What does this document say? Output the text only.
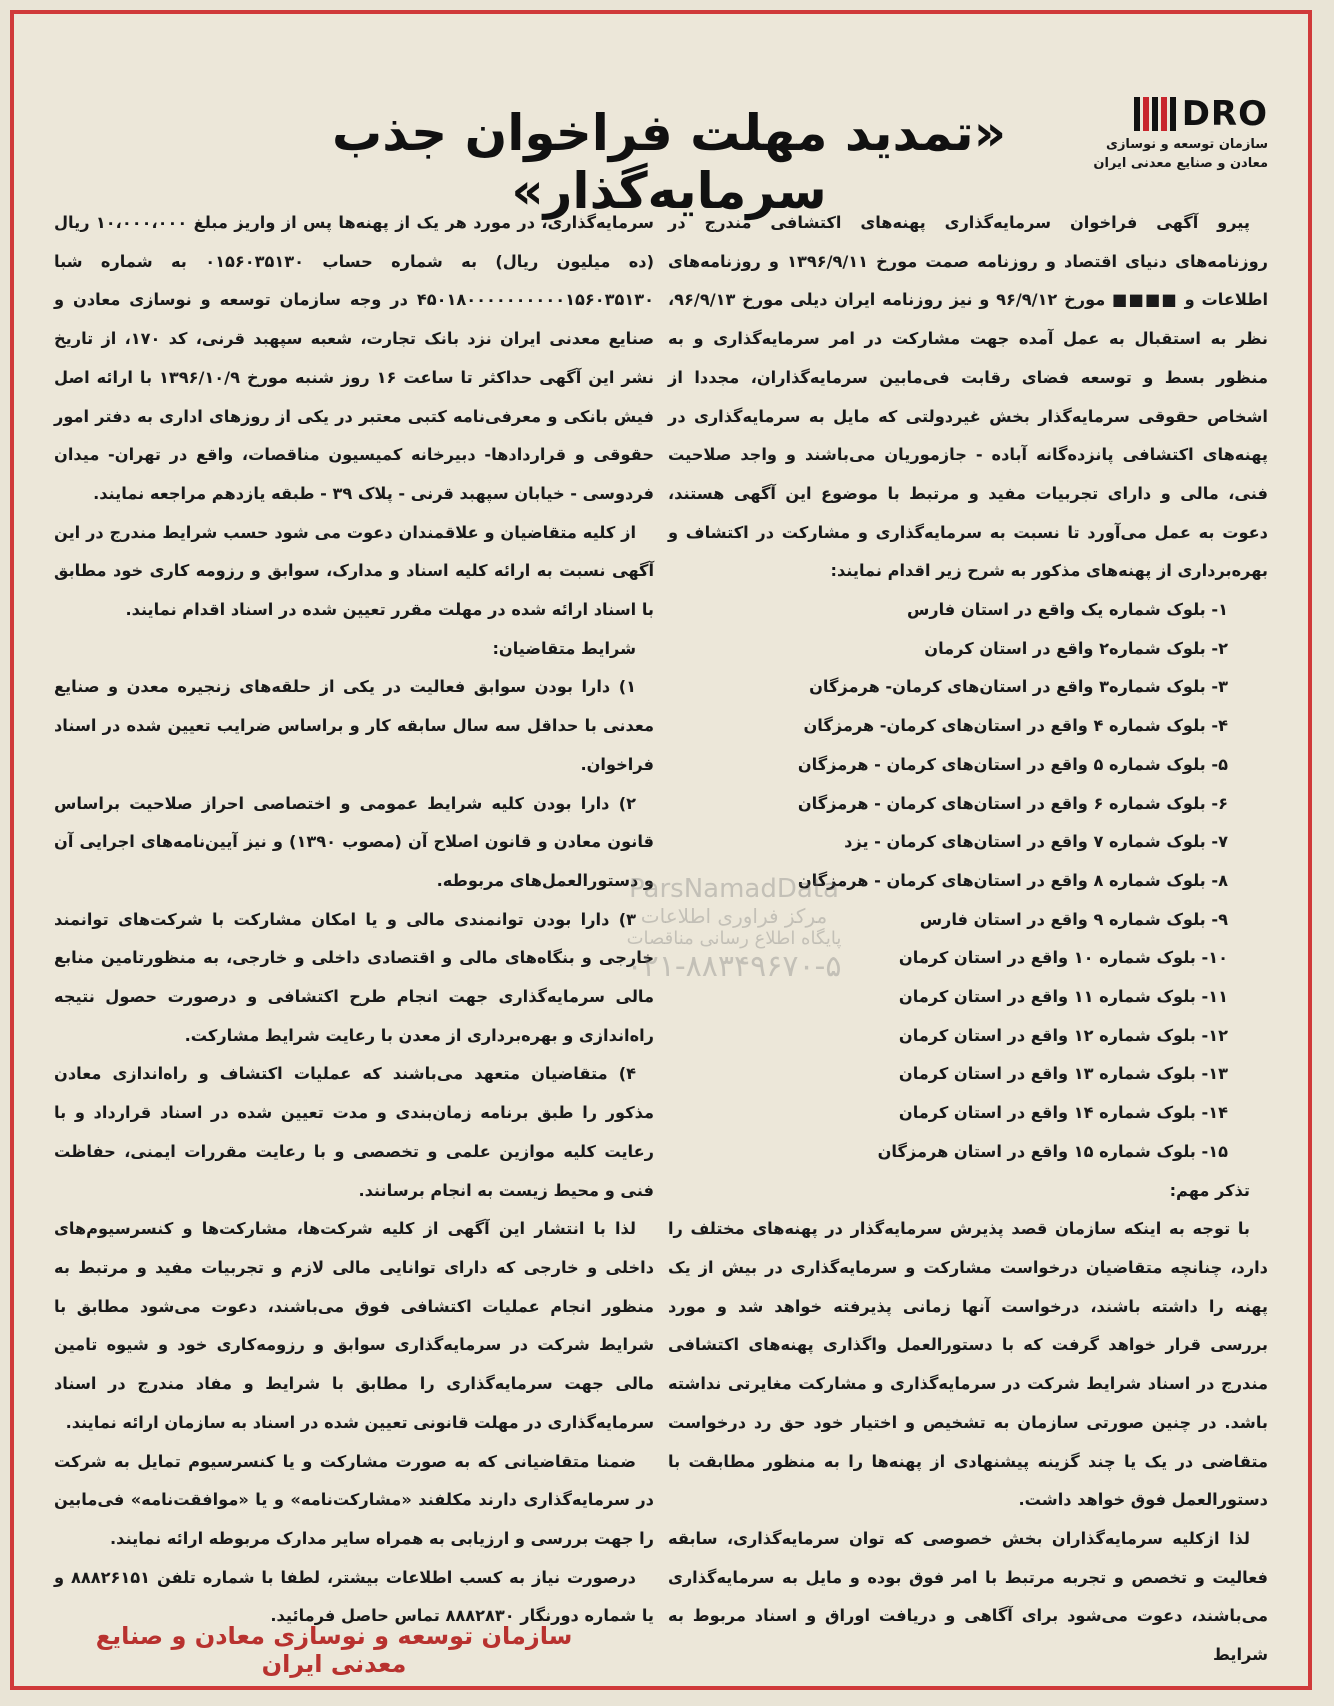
DRO
سازمان توسعه و نوسازی
معادن و صنایع معدنی ایران
«تمدید مهلت فراخوان جذب سرمایه‌گذار»

پیرو آگهی فراخوان سرمایه‌گذاری پهنه‌های اکتشافی مندرج در روزنامه‌های دنیای اقتصاد و روزنامه صمت مورخ ۱۳۹۶/۹/۱۱ و روزنامه‌های اطلاعات و ■■■■ مورخ ۹۶/۹/۱۲ و نیز روزنامه ایران دیلی مورخ ۹۶/۹/۱۳، نظر به استقبال به عمل آمده جهت مشارکت در امر سرمایه‌گذاری و به منظور بسط و توسعه فضای رقابت فی‌مابین سرمایه‌گذاران، مجددا از اشخاص حقوقی سرمایه‌گذار بخش غیردولتی که مایل به سرمایه‌گذاری در پهنه‌های اکتشافی پانزده‌گانه آباده - جازموریان می‌باشند و واجد صلاحیت فنی، مالی و دارای تجربیات مفید و مرتبط با موضوع این آگهی هستند، دعوت به عمل می‌آورد تا نسبت به سرمایه‌گذاری و مشارکت در اکتشاف و بهره‌برداری از پهنه‌های مذکور به شرح زیر اقدام نمایند:

۱- بلوک شماره یک واقع در استان فارس
۲- بلوک شماره۲ واقع در استان کرمان
۳- بلوک شماره۳ واقع در استان‌های کرمان- هرمزگان
۴- بلوک شماره ۴ واقع در استان‌های کرمان- هرمزگان
۵- بلوک شماره ۵ واقع در استان‌های کرمان - هرمزگان
۶- بلوک شماره ۶ واقع در استان‌های کرمان - هرمزگان
۷- بلوک شماره ۷ واقع در استان‌های کرمان - یزد
۸- بلوک شماره ۸ واقع در استان‌های کرمان - هرمزگان
۹- بلوک شماره ۹ واقع در استان فارس
۱۰- بلوک شماره ۱۰ واقع در استان کرمان
۱۱- بلوک شماره ۱۱ واقع در استان کرمان
۱۲- بلوک شماره ۱۲ واقع در استان کرمان
۱۳- بلوک شماره ۱۳ واقع در استان کرمان
۱۴- بلوک شماره ۱۴ واقع در استان کرمان
۱۵- بلوک شماره ۱۵ واقع در استان هرمزگان

تذکر مهم:

با توجه به اینکه سازمان قصد پذیرش سرمایه‌گذار در پهنه‌های مختلف را دارد، چنانچه متقاضیان درخواست مشارکت و سرمایه‌گذاری در بیش از یک پهنه را داشته باشند، درخواست آنها زمانی پذیرفته خواهد شد و مورد بررسی قرار خواهد گرفت که با دستورالعمل واگذاری پهنه‌های اکتشافی مندرج در اسناد شرایط شرکت در سرمایه‌گذاری و مشارکت مغایرتی نداشته باشد. در چنین صورتی سازمان به تشخیص و اختیار خود حق رد درخواست متقاضی در یک یا چند گزینه پیشنهادی از پهنه‌ها را به منظور مطابقت با دستورالعمل فوق خواهد داشت.

لذا ازکلیه سرمایه‌گذاران بخش خصوصی که توان سرمایه‌گذاری، سابقه فعالیت و تخصص و تجربه مرتبط با امر فوق بوده و مایل به سرمایه‌گذاری می‌باشند، دعوت می‌شود برای آگاهی و دریافت اوراق و اسناد مربوط به شرایط

سرمایه‌گذاری، در مورد هر یک از پهنه‌ها پس از واریز مبلغ ۱۰،۰۰۰،۰۰۰ ریال (ده میلیون ریال) به شماره حساب ۰۱۵۶۰۳۵۱۳۰ به شماره شبا ۴۵۰۱۸۰۰۰۰۰۰۰۰۰۰۱۵۶۰۳۵۱۳۰ در وجه سازمان توسعه و نوسازی معادن و صنایع معدنی ایران نزد بانک تجارت، شعبه سپهبد قرنی، کد ۱۷۰، از تاریخ نشر این آگهی حداکثر تا ساعت ۱۶ روز شنبه مورخ ۱۳۹۶/۱۰/۹ با ارائه اصل فیش بانکی و معرفی‌نامه کتبی معتبر در یکی از روزهای اداری به دفتر امور حقوقی و قراردادها- دبیرخانه کمیسیون مناقصات، واقع در تهران- میدان فردوسی - خیابان سپهبد قرنی - پلاک ۳۹ - طبقه یازدهم مراجعه نمایند.

از کلیه متقاضیان و علاقمندان دعوت می شود حسب شرایط مندرج در این آگهی نسبت به ارائه کلیه اسناد و مدارک، سوابق و رزومه کاری خود مطابق با اسناد ارائه شده در مهلت مقرر تعیین شده در اسناد اقدام نمایند.

شرایط متقاضیان:

۱) دارا بودن سوابق فعالیت در یکی از حلقه‌های زنجیره معدن و صنایع معدنی با حداقل سه سال سابقه کار و براساس ضرایب تعیین شده در اسناد فراخوان.

۲) دارا بودن کلیه شرایط عمومی و اختصاصی احراز صلاحیت براساس قانون معادن و قانون اصلاح آن (مصوب ۱۳۹۰) و نیز آیین‌نامه‌های اجرایی آن و دستورالعمل‌های مربوطه.

۳) دارا بودن توانمندی مالی و یا امکان مشارکت با شرکت‌های توانمند خارجی و بنگاه‌های مالی و اقتصادی داخلی و خارجی، به منظورتامین منابع مالی سرمایه‌گذاری جهت انجام طرح اکتشافی و درصورت حصول نتیجه راه‌اندازی و بهره‌برداری از معدن با رعایت شرایط مشارکت.

۴) متقاضیان متعهد می‌باشند که عملیات اکتشاف و راه‌اندازی معادن مذکور را طبق برنامه زمان‌بندی و مدت تعیین شده در اسناد قرارداد و با رعایت کلیه موازین علمی و تخصصی و با رعایت مقررات ایمنی، حفاظت فنی و محیط زیست به انجام برسانند.

لذا با انتشار این آگهی از کلیه شرکت‌ها، مشارکت‌ها و کنسرسیوم‌های داخلی و خارجی که دارای توانایی مالی لازم و تجربیات مفید و مرتبط به منظور انجام عملیات اکتشافی فوق می‌باشند، دعوت می‌شود مطابق با شرایط شرکت در سرمایه‌گذاری سوابق و رزومه‌کاری خود و شیوه تامین مالی جهت سرمایه‌گذاری را مطابق با شرایط و مفاد مندرج در اسناد سرمایه‌گذاری در مهلت قانونی تعیین شده در اسناد به سازمان ارائه نمایند.

ضمنا متقاضیانی که به صورت مشارکت و یا کنسرسیوم تمایل به شرکت در سرمایه‌گذاری دارند مکلفند «مشارکت‌نامه» و یا «موافقت‌نامه» فی‌مابین را جهت بررسی و ارزیابی به همراه سایر مدارک مربوطه ارائه نمایند.

درصورت نیاز به کسب اطلاعات بیشتر، لطفا با شماره تلفن ۸۸۸۲۶۱۵۱ و یا شماره دورنگار ۸۸۸۲۸۳۰ تماس حاصل فرمائید.

ParsNamadData
مرکز فراوری اطلاعات
پایگاه اطلاع رسانی مناقصات
۰۲۱-۸۸۳۴۹۶۷۰-۵
سازمان توسعه و نوسازی معادن و صنایع معدنی ایران
